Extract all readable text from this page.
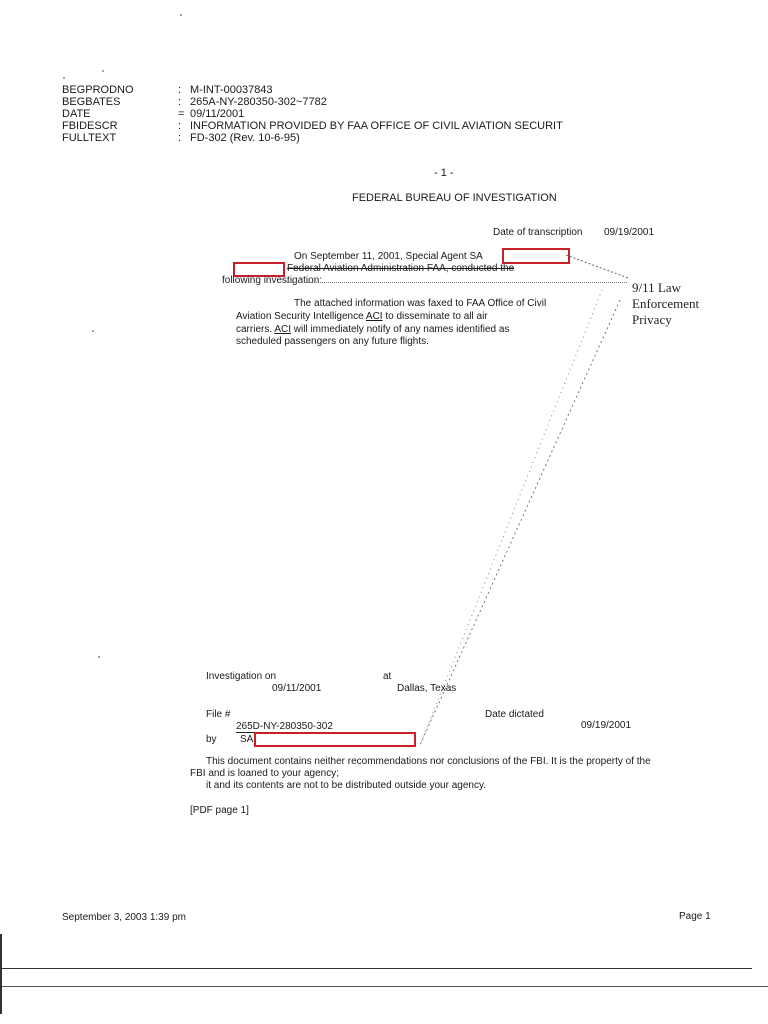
BEGPRODNO
BEGBATES
DATE
FBIDESCR
FULLTEXT
:
:
=
:
:
M-INT-00037843
265A-NY-280350-302~7782
09/11/2001
INFORMATION PROVIDED BY FAA OFFICE OF CIVIL AVIATION SECURIT
FD-302 (Rev. 10-6-95)
- 1 -
FEDERAL BUREAU OF INVESTIGATION
Date of transcription 09/19/2001
On September 11, 2001, Special Agent SA
Federal Aviation Administration FAA, conducted the
following investigation:
The attached information was faxed to FAA Office of Civil
Aviation Security Intelligence ACI to disseminate to all air
carriers. ACI will immediately notify of any names identified as
scheduled passengers on any future flights.
9/11 Law
Enforcement
Privacy
Investigation on
09/11/2001
at
Dallas, Texas
File #
265D-NY-280350-302
Date dictated
09/19/2001
by SA
This document contains neither recommendations nor conclusions of the FBI. It is the property of the
FBI and is loaned to your agency;
it and its contents are not to be distributed outside your agency.
[PDF page 1]
September 3, 2003 1:39 pm	Page 1
